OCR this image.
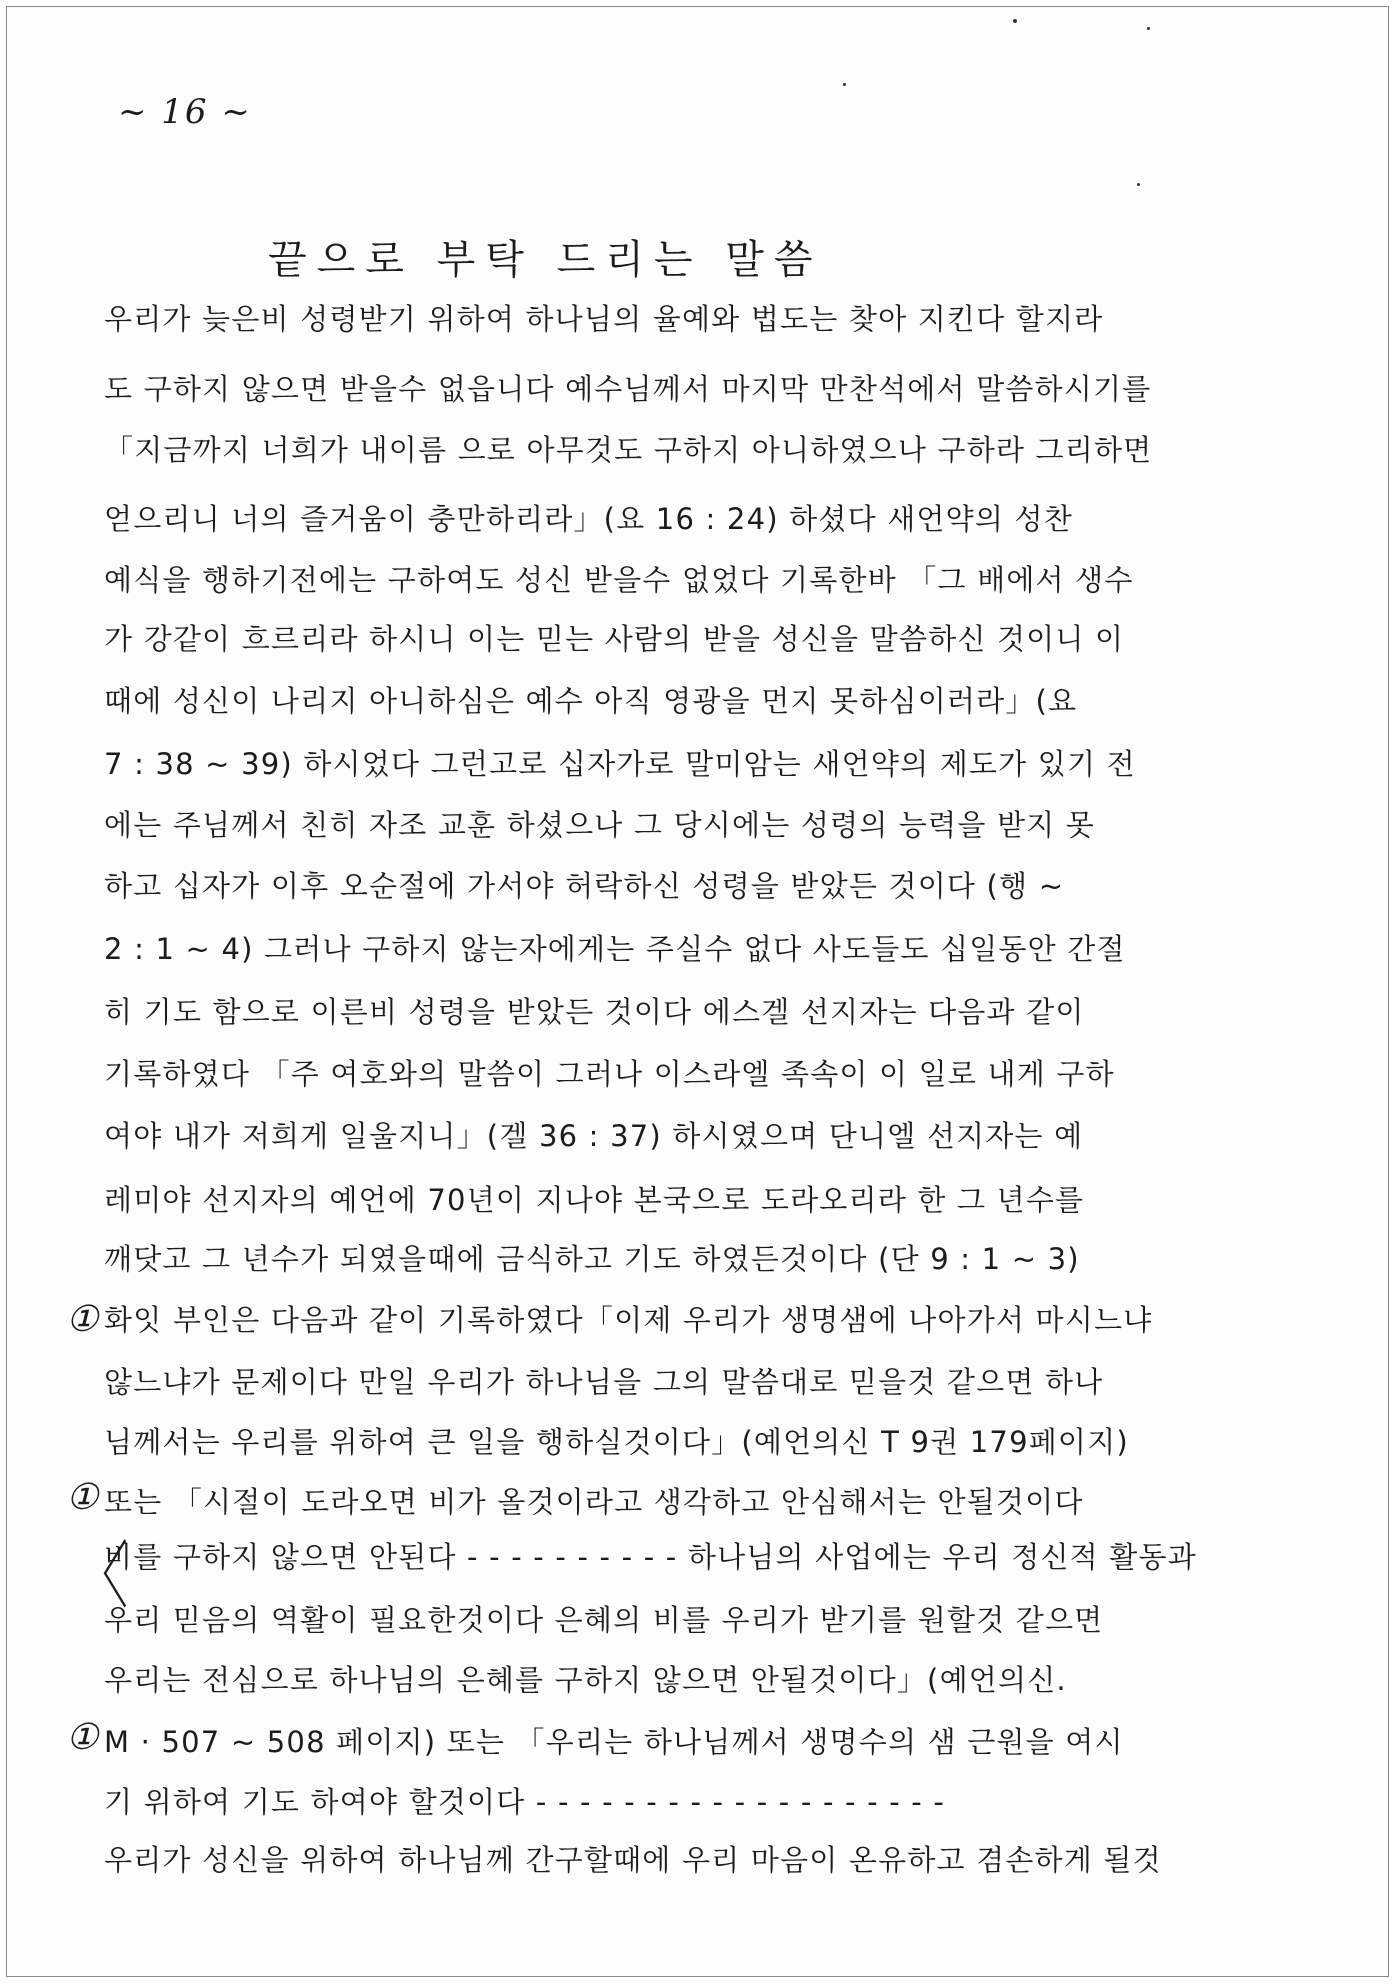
~ 16 ~
끝으로 부탁 드리는 말씀
우리가 늦은비 성령받기 위하여 하나님의 율예와 법도는 찾아 지킨다 할지라
도 구하지 않으면 받을수 없읍니다 예수님께서 마지막 만찬석에서 말씀하시기를
「지금까지 너희가 내이름 으로 아무것도 구하지 아니하였으나 구하라 그리하면
얻으리니 너의 즐거움이 충만하리라」(요 16 : 24) 하셨다 새언약의 성찬
예식을 행하기전에는 구하여도 성신 받을수 없었다 기록한바 「그 배에서 생수
가 강같이 흐르리라 하시니 이는 믿는 사람의 받을 성신을 말씀하신 것이니 이
때에 성신이 나리지 아니하심은 예수 아직 영광을 먼지 못하심이러라」(요
7 : 38 ~ 39) 하시었다 그런고로 십자가로 말미암는 새언약의 제도가 있기 전
에는 주님께서 친히 자조 교훈 하셨으나 그 당시에는 성령의 능력을 받지 못
하고 십자가 이후 오순절에 가서야 허락하신 성령을 받았든 것이다 (행 ~
2 : 1 ~ 4) 그러나 구하지 않는자에게는 주실수 없다 사도들도 십일동안 간절
히 기도 함으로 이른비 성령을 받았든 것이다 에스겔 선지자는 다음과 같이
기록하였다 「주 여호와의 말씀이 그러나 이스라엘 족속이 이 일로 내게 구하
여야 내가 저희게 일울지니」(겔 36 : 37) 하시였으며 단니엘 선지자는 예
레미야 선지자의 예언에 70년이 지나야 본국으로 도라오리라 한 그 년수를
깨닷고 그 년수가 되였을때에 금식하고 기도 하였든것이다 (단 9 : 1 ~ 3)
화잇 부인은 다음과 같이 기록하였다「이제 우리가 생명샘에 나아가서 마시느냐
않느냐가 문제이다 만일 우리가 하나님을 그의 말씀대로 믿을것 같으면 하나
님께서는 우리를 위하여 큰 일을 행하실것이다」(예언의신 T 9권 179페이지)
또는 「시절이 도라오면 비가 올것이라고 생각하고 안심해서는 안될것이다
비를 구하지 않으면 안된다 - - - - - - - - - - 하나님의 사업에는 우리 정신적 활동과
우리 믿음의 역활이 필요한것이다 은혜의 비를 우리가 받기를 원할것 같으면
우리는 전심으로 하나님의 은혜를 구하지 않으면 안될것이다」(예언의신.
M · 507 ~ 508 페이지) 또는 「우리는 하나님께서 생명수의 샘 근원을 여시
기 위하여 기도 하여야 할것이다 - - - - - - - - - - - - - - - - - - -
우리가 성신을 위하여 하나님께 간구할때에 우리 마음이 온유하고 겸손하게 될것
①
①
①
〈
